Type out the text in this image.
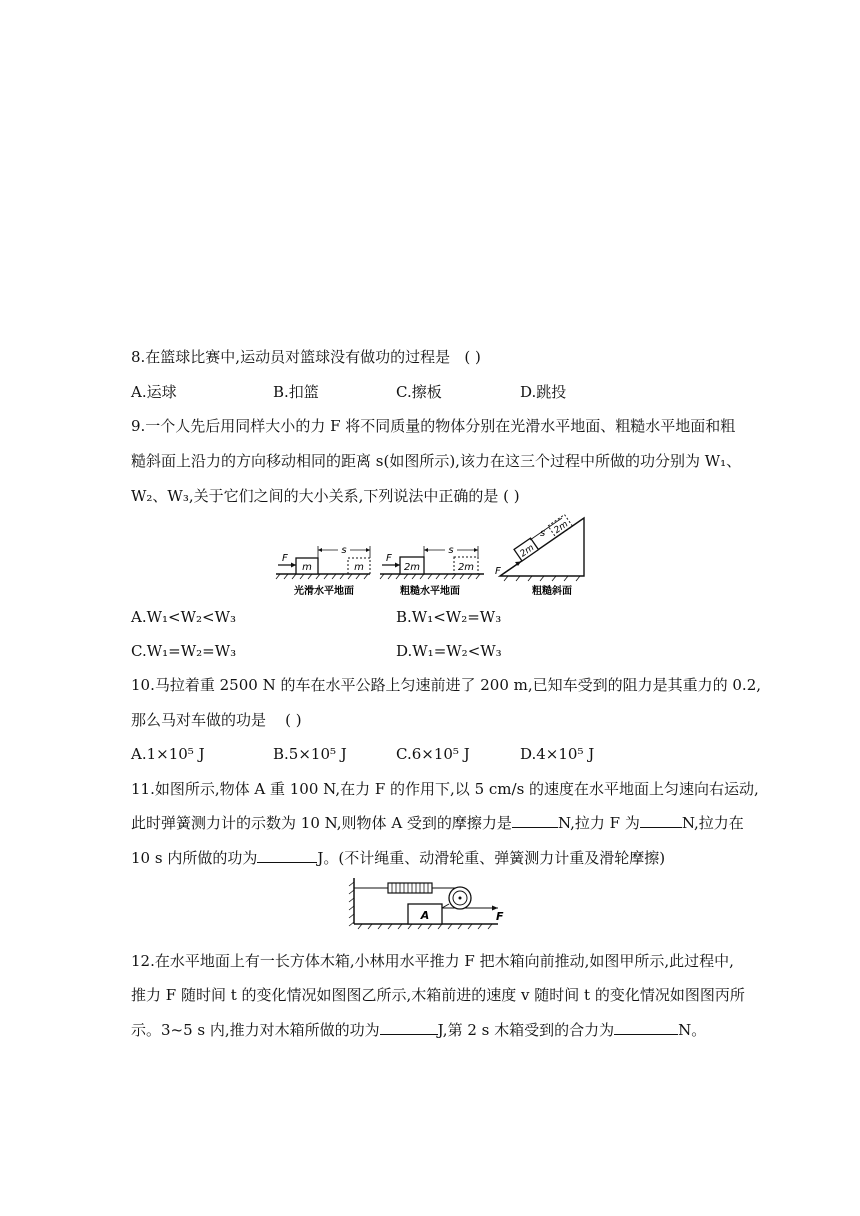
8.在篮球比赛中,运动员对篮球没有做功的过程是 ( )
A.运球	B.扣篮	C.擦板	D.跳投
9.一个人先后用同样大小的力 F 将不同质量的物体分别在光滑水平地面、粗糙水平地面和粗
糙斜面上沿力的方向移动相同的距离 s(如图所示),该力在这三个过程中所做的功分别为 W₁、
W₂、W₃,关于它们之间的大小关系,下列说法中正确的是 ( )
m
F
m
s
光滑水平地面
2m
F
2m
s
粗糙水平地面
2m
2m
F
s
粗糙斜面
A.W₁<W₂<W₃	B.W₁<W₂=W₃
C.W₁=W₂=W₃	D.W₁=W₂<W₃
10.马拉着重 2500 N 的车在水平公路上匀速前进了 200 m,已知车受到的阻力是其重力的 0.2,
那么马对车做的功是 ( )
A.1×10⁵ J	B.5×10⁵ J	C.6×10⁵ J	D.4×10⁵ J
11.如图所示,物体 A 重 100 N,在力 F 的作用下,以 5 cm/s 的速度在水平地面上匀速向右运动,
此时弹簧测力计的示数为 10 N,则物体 A 受到的摩擦力是	N,拉力 F 为	N,拉力在
10 s 内所做的功为	J。(不计绳重、动滑轮重、弹簧测力计重及滑轮摩擦)
A	F
12.在水平地面上有一长方体木箱,小林用水平推力 F 把木箱向前推动,如图甲所示,此过程中,
推力 F 随时间 t 的变化情况如图图乙所示,木箱前进的速度 v 随时间 t 的变化情况如图图丙所
示。3~5 s 内,推力对木箱所做的功为	J,第 2 s 木箱受到的合力为	N。
